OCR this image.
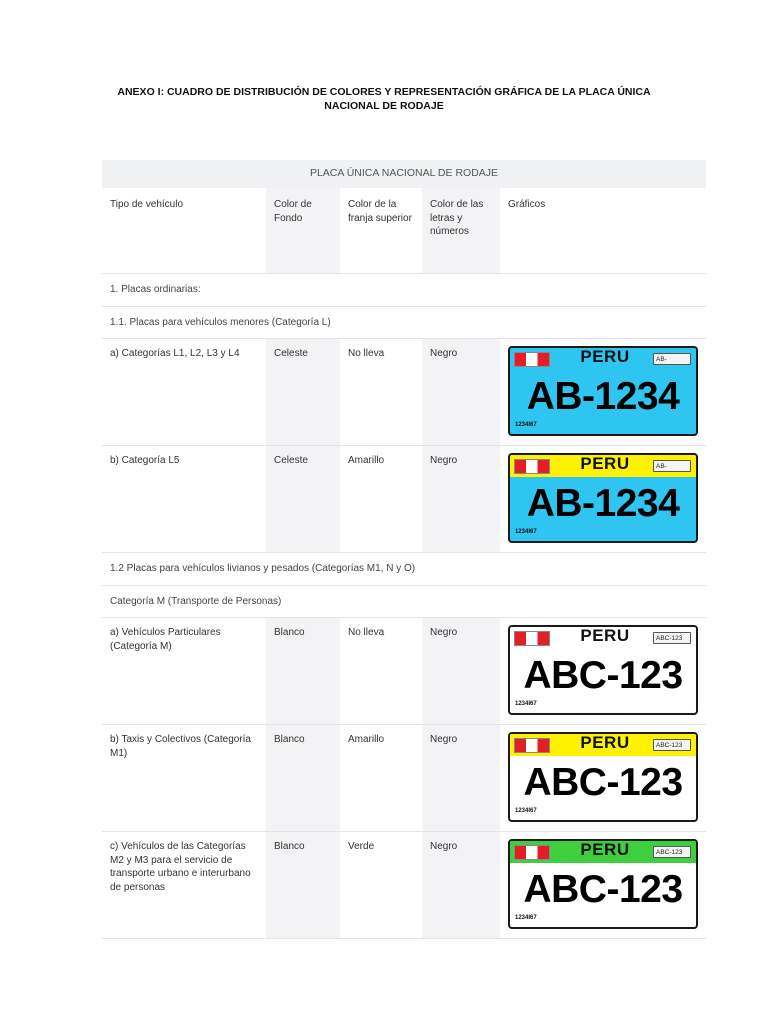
ANEXO I: CUADRO DE DISTRIBUCIÓN DE COLORES Y REPRESENTACIÓN GRÁFICA DE LA PLACA ÚNICA NACIONAL DE RODAJE
PLACA ÚNICA NACIONAL DE RODAJE				
Tipo de vehículo	Color de Fondo	Color de la franja superior	Color de las letras y números	Gráficos
1. Placas ordinarias:				
1.1. Placas para vehículos menores (Categoría L)				
a) Categorías L1, L2, L3 y L4	Celeste	No lleva	Negro	PERU AB-
AB-1234
1234I67

b) Categoría L5	Celeste	Amarillo	Negro	PERU AB-
AB-1234
1234I67

1.2 Placas para vehículos livianos y pesados (Categorías M1, N y O)				
Categoría M (Transporte de Personas)				
a) Vehículos Particulares (Categoría M)	Blanco	No lleva	Negro	PERU ABC-123
ABC-123
1234I67

b) Taxis y Colectivos (Categoría M1)	Blanco	Amarillo	Negro	PERU ABC-123
ABC-123
1234I67

c) Vehículos de las Categorías M2 y M3 para el servicio de transporte urbano e interurbano de personas	Blanco	Verde	Negro	PERU ABC-123
ABC-123
1234I67
